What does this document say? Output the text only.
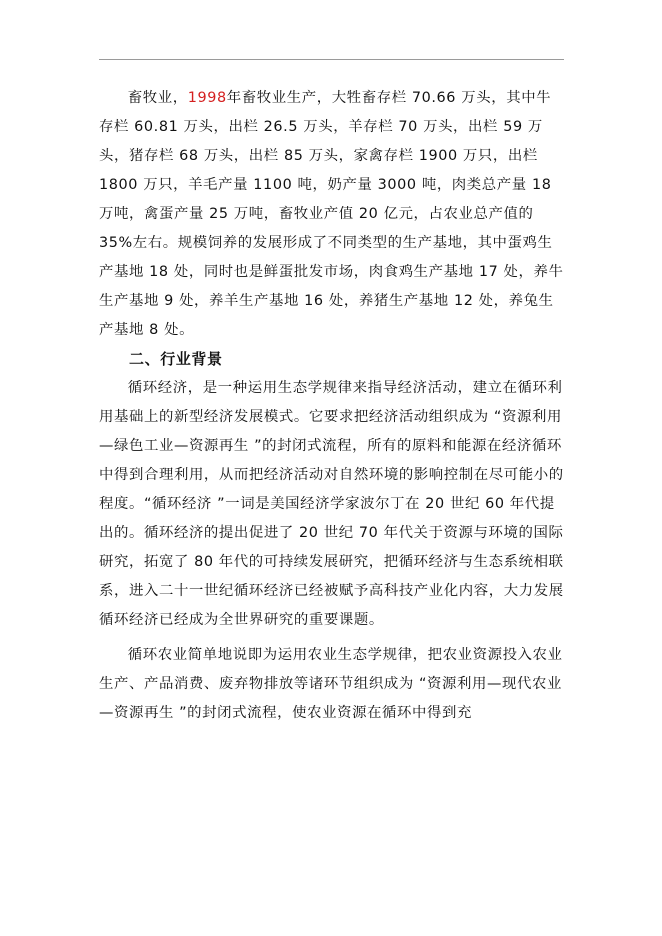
畜牧业，1998年畜牧业生产，大牲畜存栏 70.66 万头，其中牛存栏 60.81 万头，出栏 26.5 万头，羊存栏 70 万头，出栏 59 万头，猪存栏 68 万头，出栏 85 万头，家禽存栏 1900 万只，出栏 1800 万只，羊毛产量 1100 吨，奶产量 3000 吨，肉类总产量 18 万吨，禽蛋产量 25 万吨，畜牧业产值 20 亿元，占农业总产值的 35%左右。规模饲养的发展形成了不同类型的生产基地，其中蛋鸡生产基地 18 处，同时也是鲜蛋批发市场，肉食鸡生产基地 17 处，养牛生产基地 9 处，养羊生产基地 16 处，养猪生产基地 12 处，养兔生产基地 8 处。

二、行业背景

循环经济，是一种运用生态学规律来指导经济活动，建立在循环利用基础上的新型经济发展模式。它要求把经济活动组织成为 “资源利用—绿色工业—资源再生 ”的封闭式流程，所有的原料和能源在经济循环中得到合理利用，从而把经济活动对自然环境的影响控制在尽可能小的程度。“循环经济 ”一词是美国经济学家波尔丁在 20 世纪 60 年代提出的。循环经济的提出促进了 20 世纪 70 年代关于资源与环境的国际研究，拓宽了 80 年代的可持续发展研究，把循环经济与生态系统相联系，进入二十一世纪循环经济已经被赋予高科技产业化内容，大力发展循环经济已经成为全世界研究的重要课题。

循环农业简单地说即为运用农业生态学规律，把农业资源投入农业生产、产品消费、废弃物排放等诸环节组织成为 “资源利用—现代农业—资源再生 ”的封闭式流程，使农业资源在循环中得到充
